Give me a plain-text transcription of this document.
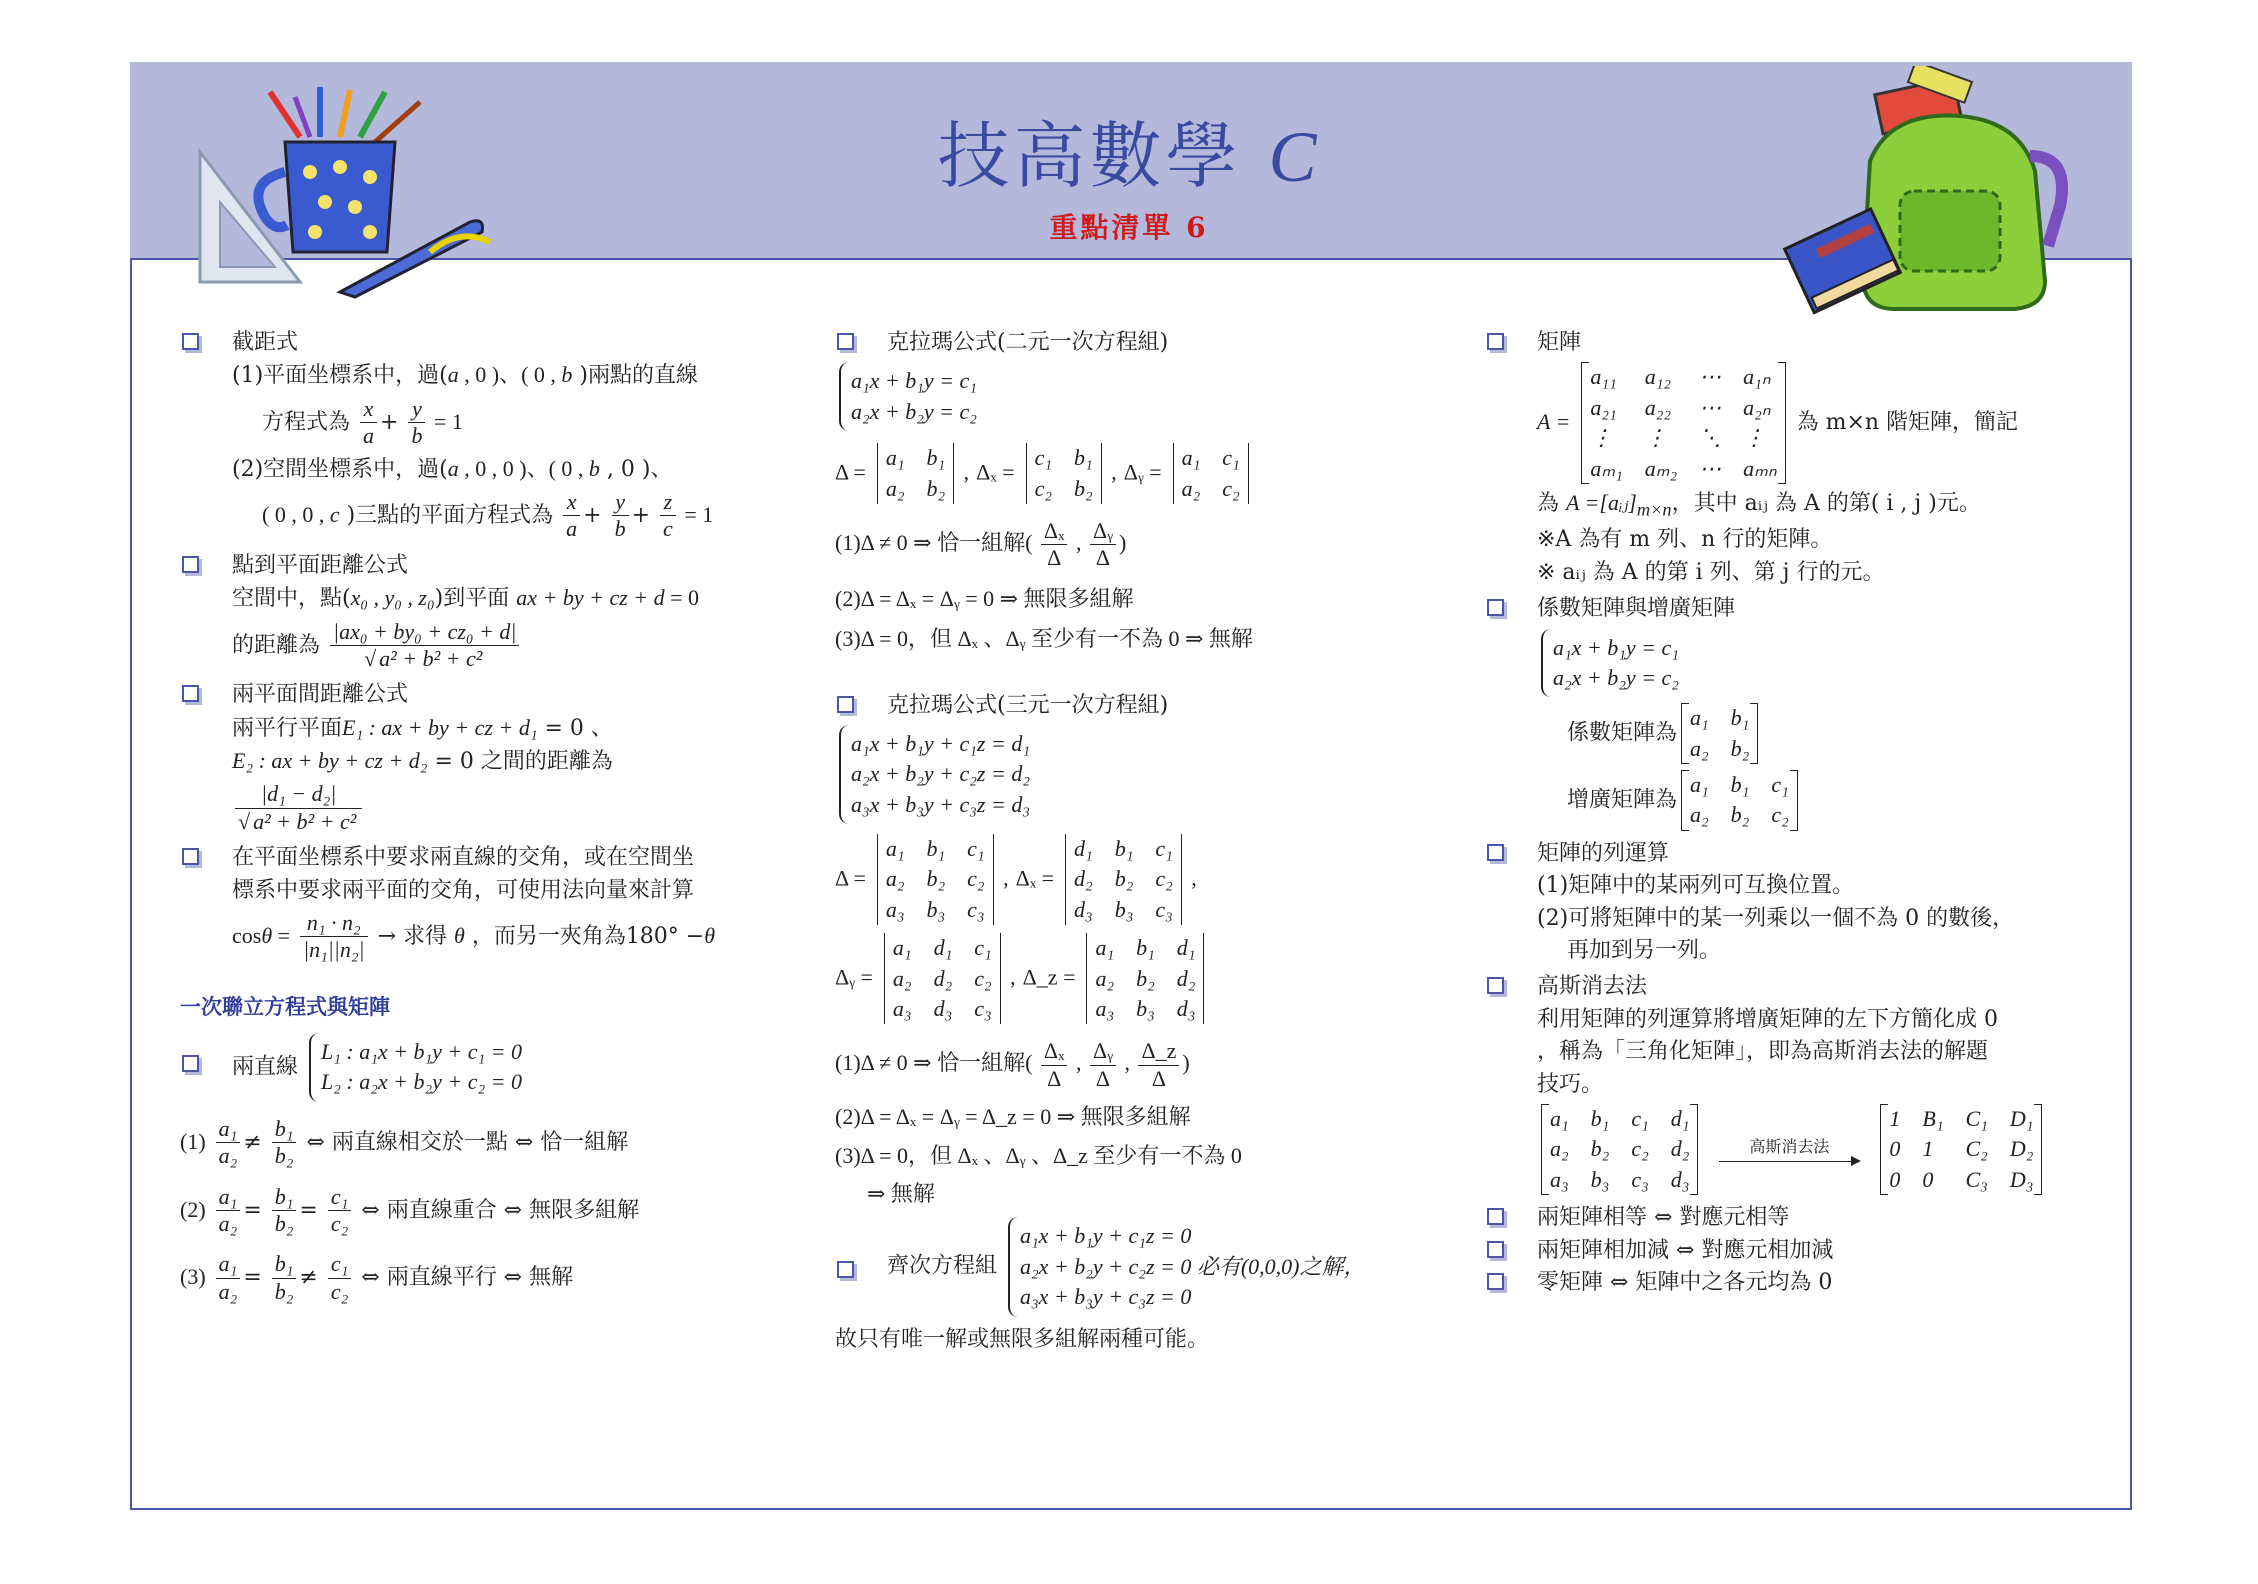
技高數學 C
重點清單 6
截距式
(1)平面坐標系中，過(a , 0 )、( 0 , b )兩點的直線
方程式為 $\frac{x}{a} + \frac{y}{b} = 1$
(2)空間坐標系中，過(a , 0 , 0 )、( 0 , b , 0 )、
( 0 , 0 , c )三點的平面方程式為 $\frac{x}{a} + \frac{y}{b} + \frac{z}{c} = 1$
點到平面距離公式
空間中，點(x₀ , y₀ , z₀)到平面 ax + by + cz + d = 0
的距離為 $\frac{\text{|ax₀ + by₀ + cz₀ + d|}}{\text{√ a² + b² + c²}}$
兩平面間距離公式
兩平行平面E₁ : ax + by + cz + d₁ = 0 、
E₂ : ax + by + cz + d₂ = 0 之間的距離為
$\frac{\text{|d₁ − d₂|}}{\text{√ a² + b² + c²}}$
在平面坐標系中要求兩直線的交角，或在空間坐
標系中要求兩平面的交角，可使用法向量來計算
$\cos\theta = \frac{\text{n₁ · n₂}}{\text{|n₁||n₂|}}$ → 求得 θ ，而另一夾角為180° −θ
一次聯立方程式與矩陣
兩直線
L₁ : a₁x + b₁y + c₁ = 0
L₂ : a₂x + b₂y + c₂ = 0
$(1) \frac{\text{a₁}}{\text{a₂}} \ne \frac{\text{b₁}}{\text{b₂}}$ ⇔ 兩直線相交於一點 ⇔ 恰一組解
$(2) \frac{\text{a₁}}{\text{a₂}} = \frac{\text{b₁}}{\text{b₂}} = \frac{\text{c₁}}{\text{c₂}}$ ⇔ 兩直線重合 ⇔ 無限多組解
$(3) \frac{\text{a₁}}{\text{a₂}} = \frac{\text{b₁}}{\text{b₂}} \ne \frac{\text{c₁}}{\text{c₂}}$ ⇔ 兩直線平行 ⇔ 無解
克拉瑪公式(二元一次方程組)
a₁x + b₁y = c₁
a₂x + b₂y = c₂
Δ =
a₁ b₁
a₂ b₂
, Δₓ =
c₁ b₁
c₂ b₂
, Δᵧ =
a₁ c₁
a₂ c₂
(1)Δ ≠ 0 ⇒ 恰一組解( $\frac{\text{Δₓ}}{\Delta}$ , $\frac{\text{Δᵧ}}{\Delta}$ )
(2)Δ = Δₓ = Δᵧ = 0 ⇒ 無限多組解
(3)Δ = 0，但 Δₓ 、Δᵧ 至少有一不為 0 ⇒ 無解
克拉瑪公式(三元一次方程組)
a₁x + b₁y + c₁z = d₁
a₂x + b₂y + c₂z = d₂
a₃x + b₃y + c₃z = d₃
Δ =
a₁ b₁ c₁
a₂ b₂ c₂
a₃ b₃ c₃
, Δₓ =
d₁ b₁ c₁
d₂ b₂ c₂
d₃ b₃ c₃
,
Δᵧ =
a₁ d₁ c₁
a₂ d₂ c₂
a₃ d₃ c₃
, Δ_z =
a₁ b₁ d₁
a₂ b₂ d₂
a₃ b₃ d₃
(1)Δ ≠ 0 ⇒ 恰一組解( $\frac{\text{Δₓ}}{\Delta}$ , $\frac{\text{Δᵧ}}{\Delta}$ , $\frac{\Delta\_z}{\Delta}$ )
(2)Δ = Δₓ = Δᵧ = Δ_z = 0 ⇒ 無限多組解
(3)Δ = 0，但 Δₓ 、Δᵧ 、Δ_z 至少有一不為 0
⇒ 無解
齊次方程組
a₁x + b₁y + c₁z = 0
a₂x + b₂y + c₂z = 0 必有(0,0,0)之解，
a₃x + b₃y + c₃z = 0
故只有唯一解或無限多組解兩種可能。
矩陣
A =
a₁₁ a₁₂ ⋯ a₁ₙ
a₂₁ a₂₂ ⋯ a₂ₙ
⋮	⋮	⋱ ⋮
aₘ₁ aₘ₂ ⋯ aₘₙ
為 m×n 階矩陣，簡記
為 $A =[aᵢⱼ]_{m\times n}$，其中 aᵢⱼ 為 A 的第( i , j )元。
※A 為有 m 列、n 行的矩陣。
※ aᵢⱼ 為 A 的第 i 列、第 j 行的元。
係數矩陣與增廣矩陣
a₁x + b₁y = c₁
a₂x + b₂y = c₂
係數矩陣為
a₁ b₁
a₂ b₂
增廣矩陣為
a₁ b₁ c₁
a₂ b₂ c₂
矩陣的列運算
(1)矩陣中的某兩列可互換位置。
(2)可將矩陣中的某一列乘以一個不為 0 的數後，
再加到另一列。
高斯消去法
利用矩陣的列運算將增廣矩陣的左下方簡化成 0
，稱為「三角化矩陣」，即為高斯消去法的解題
技巧。
a₁ b₁ c₁ d₁
a₂ b₂ c₂ d₂
a₃ b₃ c₃ d₃
高斯消去法

1 B₁ C₁ D₁
0 1	C₂ D₂
0 0	C₃ D₃
兩矩陣相等 ⇔ 對應元相等
兩矩陣相加減 ⇔ 對應元相加減
零矩陣 ⇔ 矩陣中之各元均為 0
